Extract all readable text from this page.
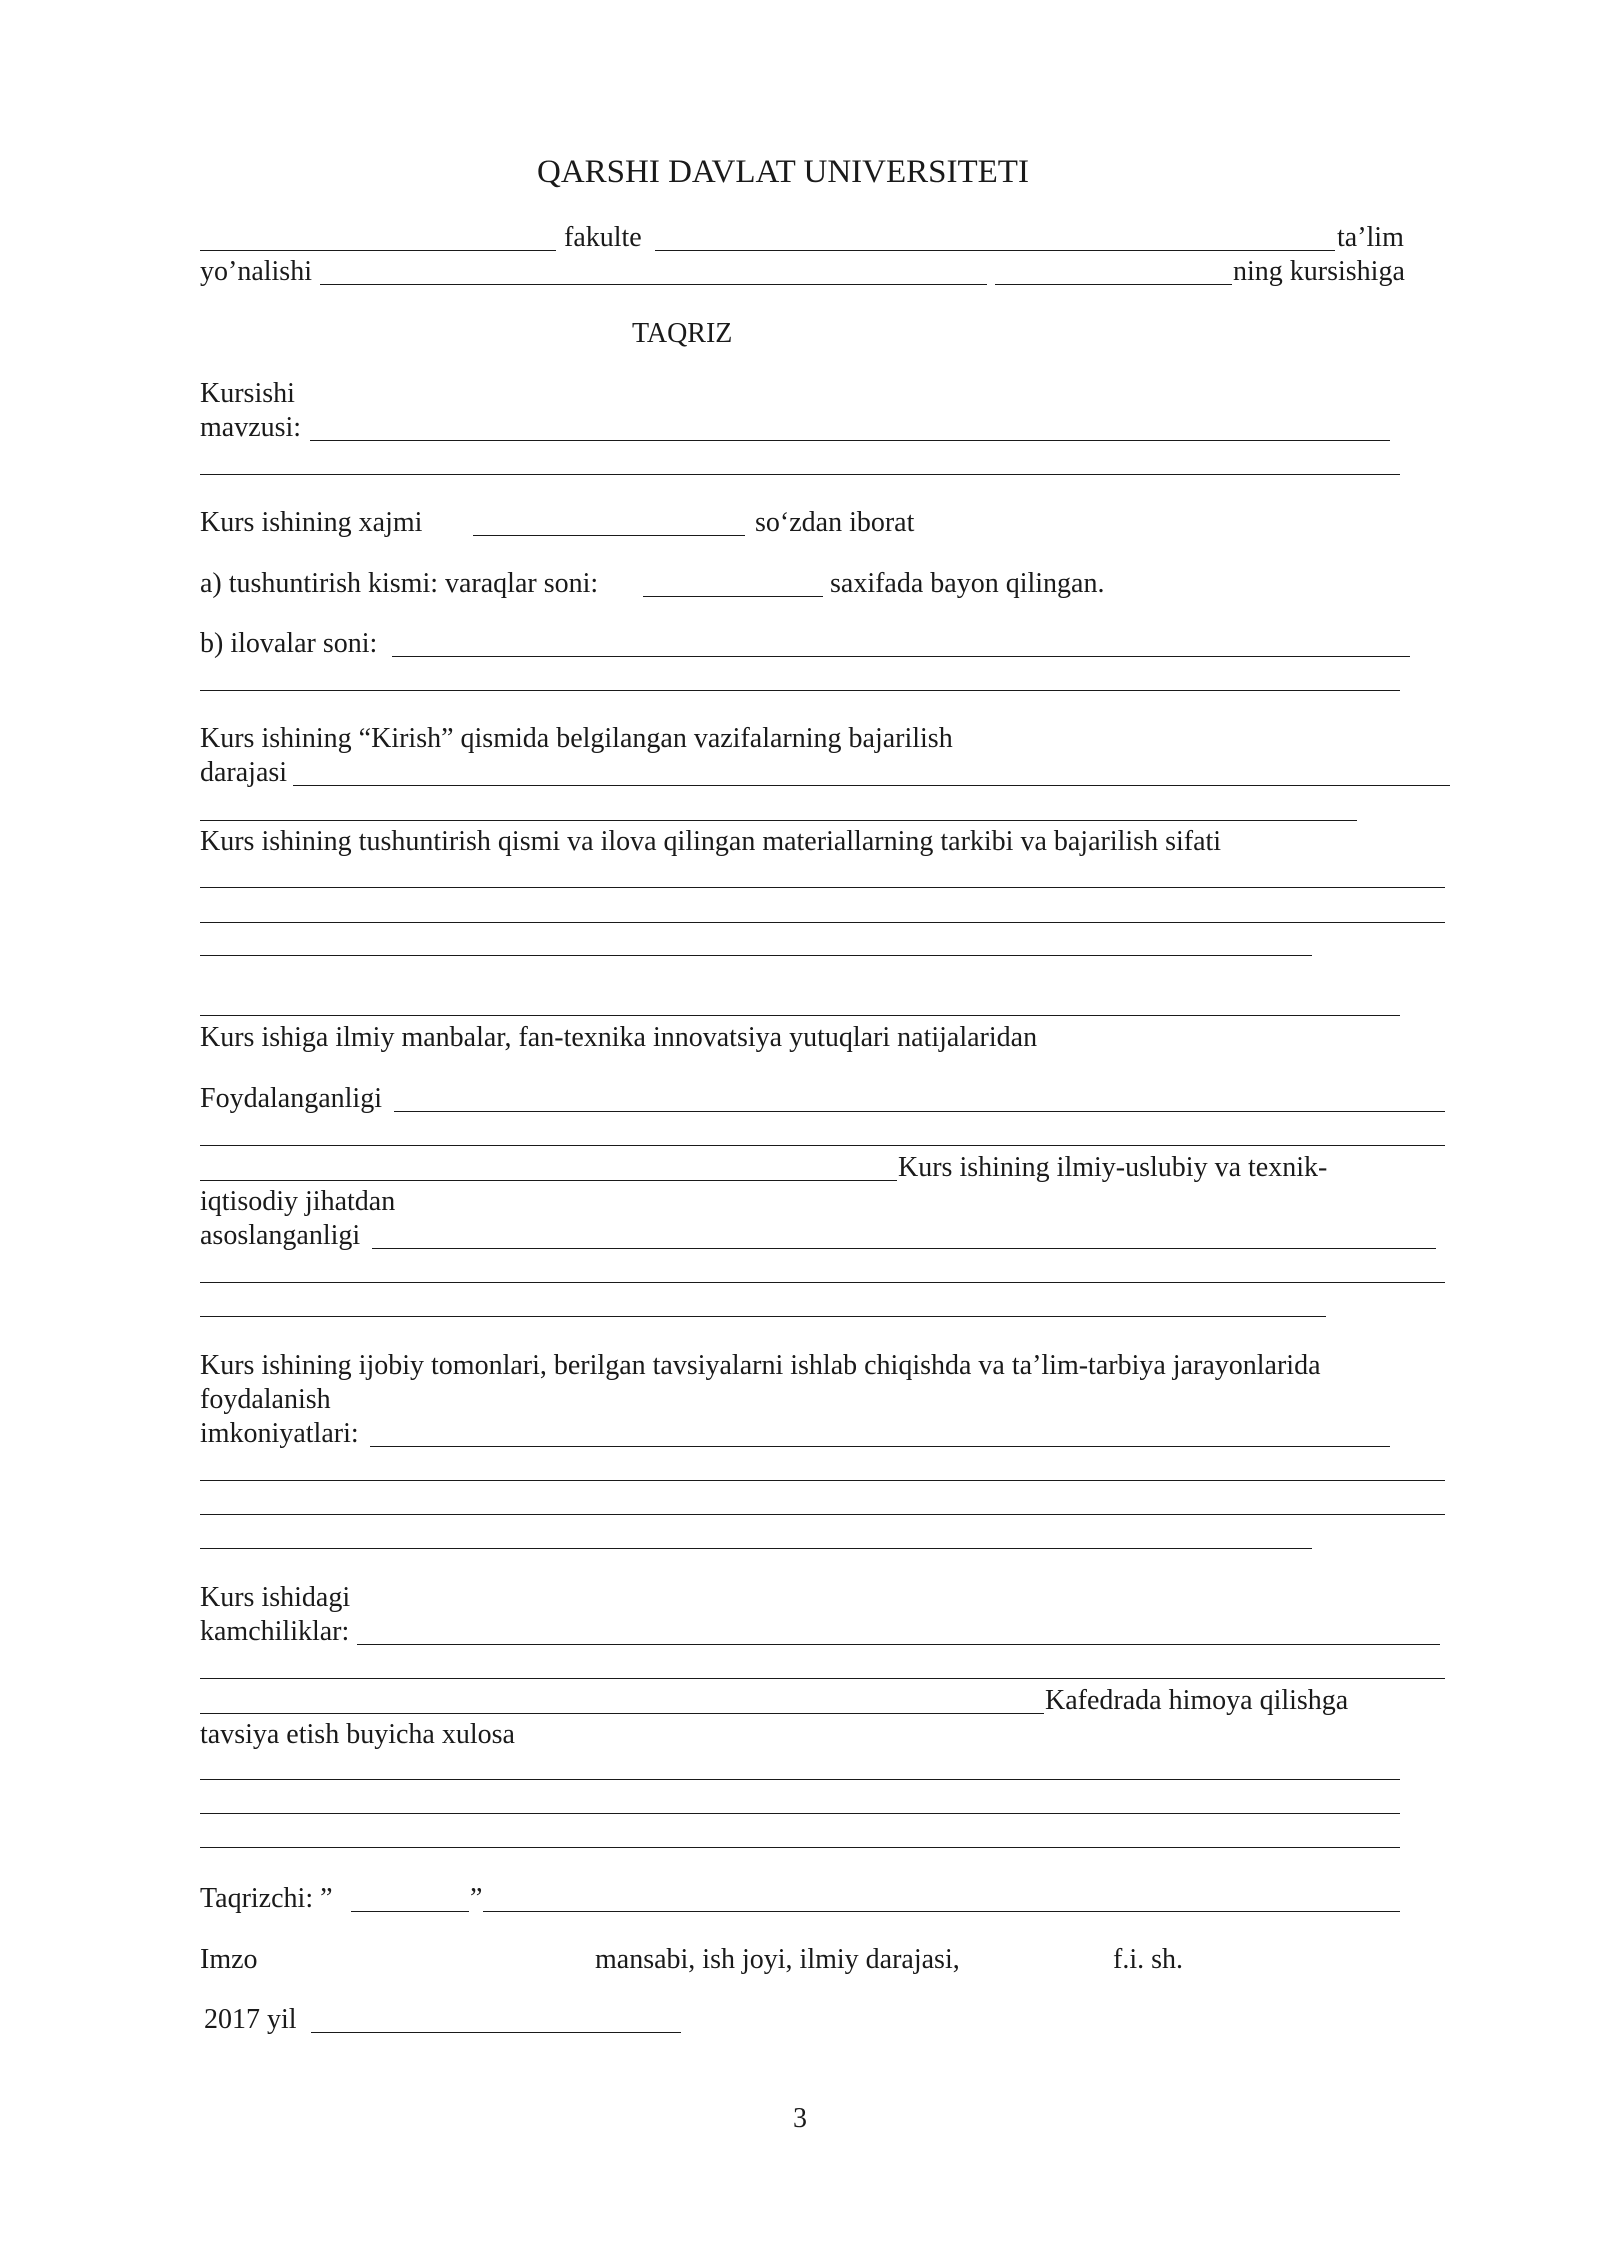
QARSHI DAVLAT UNIVERSITETI
fakulte	ta’lim
yo’nalishi	ning kursishiga
TAQRIZ
Kursishi
mavzusi:
Kurs ishining xajmi	so‘zdan iborat
a) tushuntirish kismi: varaqlar soni:	saxifada bayon qilingan.
b) ilovalar soni:
Kurs ishining “Kirish” qismida belgilangan vazifalarning bajarilish
darajasi
Kurs ishining tushuntirish qismi va ilova qilingan materiallarning tarkibi va bajarilish sifati
Kurs ishiga ilmiy manbalar, fan-texnika innovatsiya yutuqlari natijalaridan
Foydalanganligi
Kurs ishining ilmiy-uslubiy va texnik-
iqtisodiy jihatdan
asoslanganligi
Kurs ishining ijobiy tomonlari, berilgan tavsiyalarni ishlab chiqishda va ta’lim-tarbiya jarayonlarida
foydalanish
imkoniyatlari:
Kurs ishidagi
kamchiliklar:
Kafedrada himoya qilishga
tavsiya etish buyicha xulosa
Taqrizchi: ”	”
Imzo	mansabi, ish joyi, ilmiy darajasi,	f.i. sh.
2017 yil
3
